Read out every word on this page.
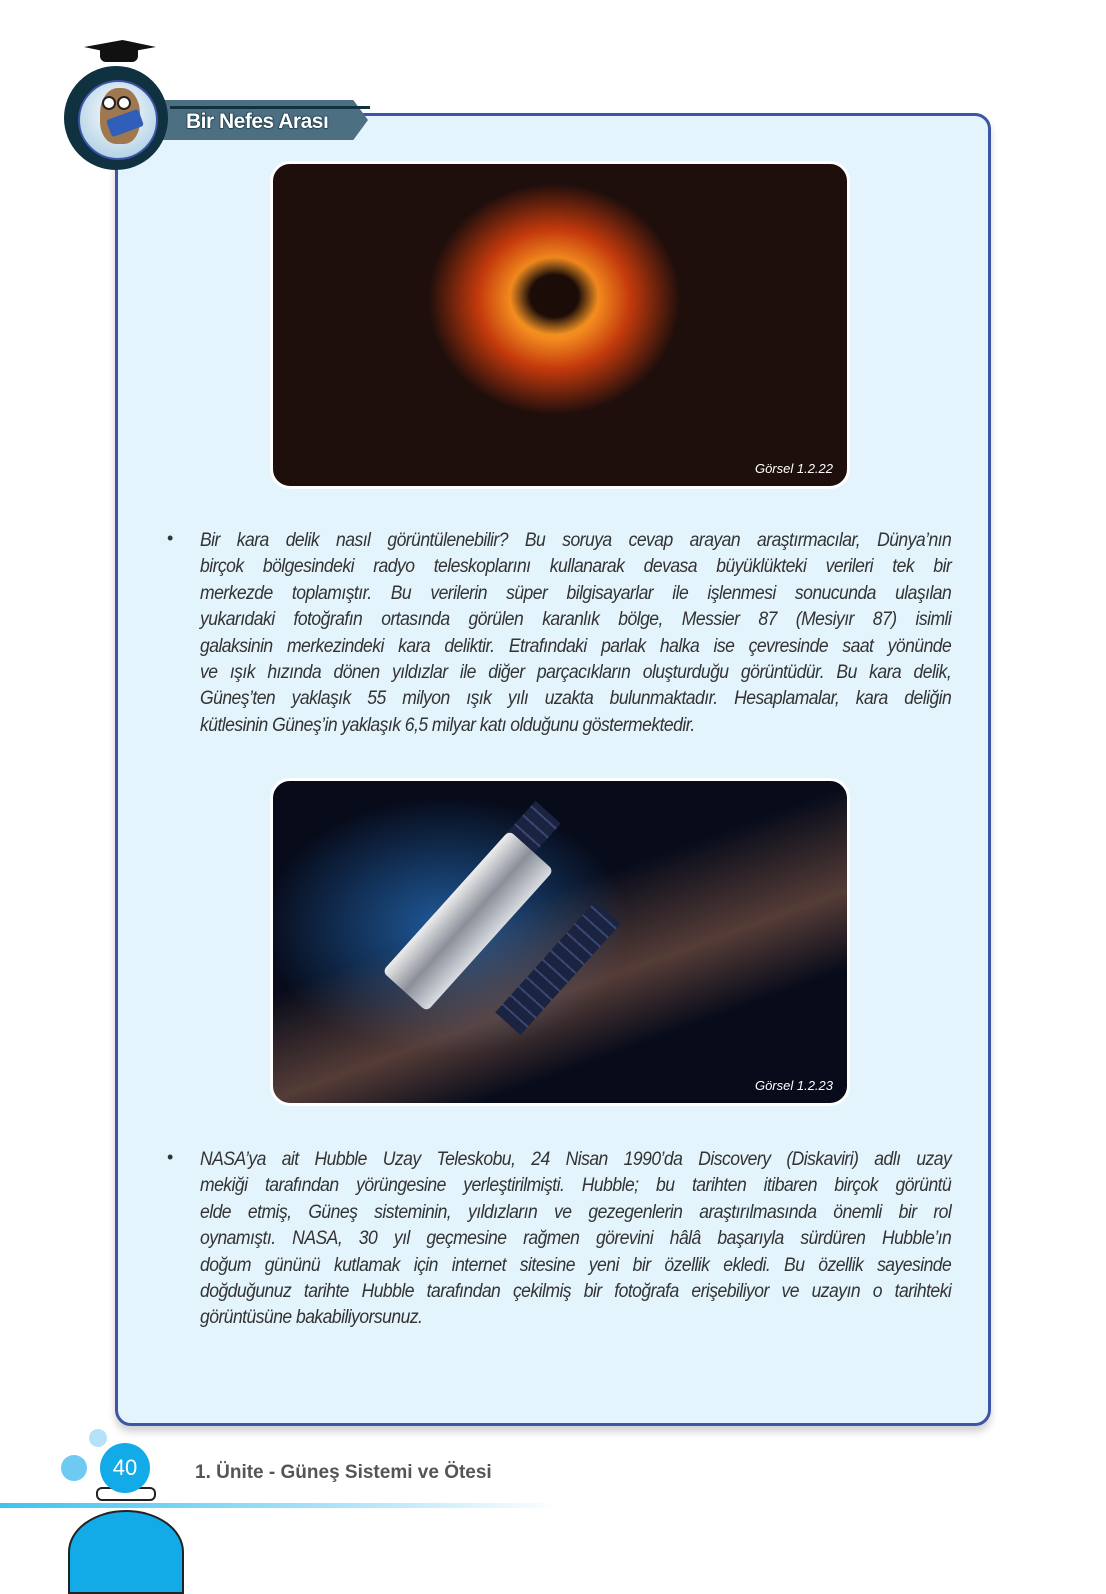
Bir Nefes Arası
Görsel 1.2.22
• Bir kara delik nasıl görüntülenebilir? Bu soruya cevap arayan araştırmacılar, Dünya’nın
birçok bölgesindeki radyo teleskoplarını kullanarak devasa büyüklükteki verileri tek bir
merkezde toplamıştır. Bu verilerin süper bilgisayarlar ile işlenmesi sonucunda ulaşılan
yukarıdaki fotoğrafın ortasında görülen karanlık bölge, Messier 87 (Mesiyır 87) isimli
galaksinin merkezindeki kara deliktir. Etrafındaki parlak halka ise çevresinde saat yönünde
ve ışık hızında dönen yıldızlar ile diğer parçacıkların oluşturduğu görüntüdür. Bu kara delik,
Güneş’ten yaklaşık 55 milyon ışık yılı uzakta bulunmaktadır. Hesaplamalar, kara deliğin
kütlesinin Güneş’in yaklaşık 6,5 milyar katı olduğunu göstermektedir.
Görsel 1.2.23
• NASA’ya ait Hubble Uzay Teleskobu, 24 Nisan 1990’da Discovery (Diskaviri) adlı uzay
mekiği tarafından yörüngesine yerleştirilmişti. Hubble; bu tarihten itibaren birçok görüntü
elde etmiş, Güneş sisteminin, yıldızların ve gezegenlerin araştırılmasında önemli bir rol
oynamıştı. NASA, 30 yıl geçmesine rağmen görevini hâlâ başarıyla sürdüren Hubble’ın
doğum gününü kutlamak için internet sitesine yeni bir özellik ekledi. Bu özellik sayesinde
doğduğunuz tarihte Hubble tarafından çekilmiş bir fotoğrafa erişebiliyor ve uzayın o tarihteki
görüntüsüne bakabiliyorsunuz.
40	1. Ünite - Güneş Sistemi ve Ötesi
